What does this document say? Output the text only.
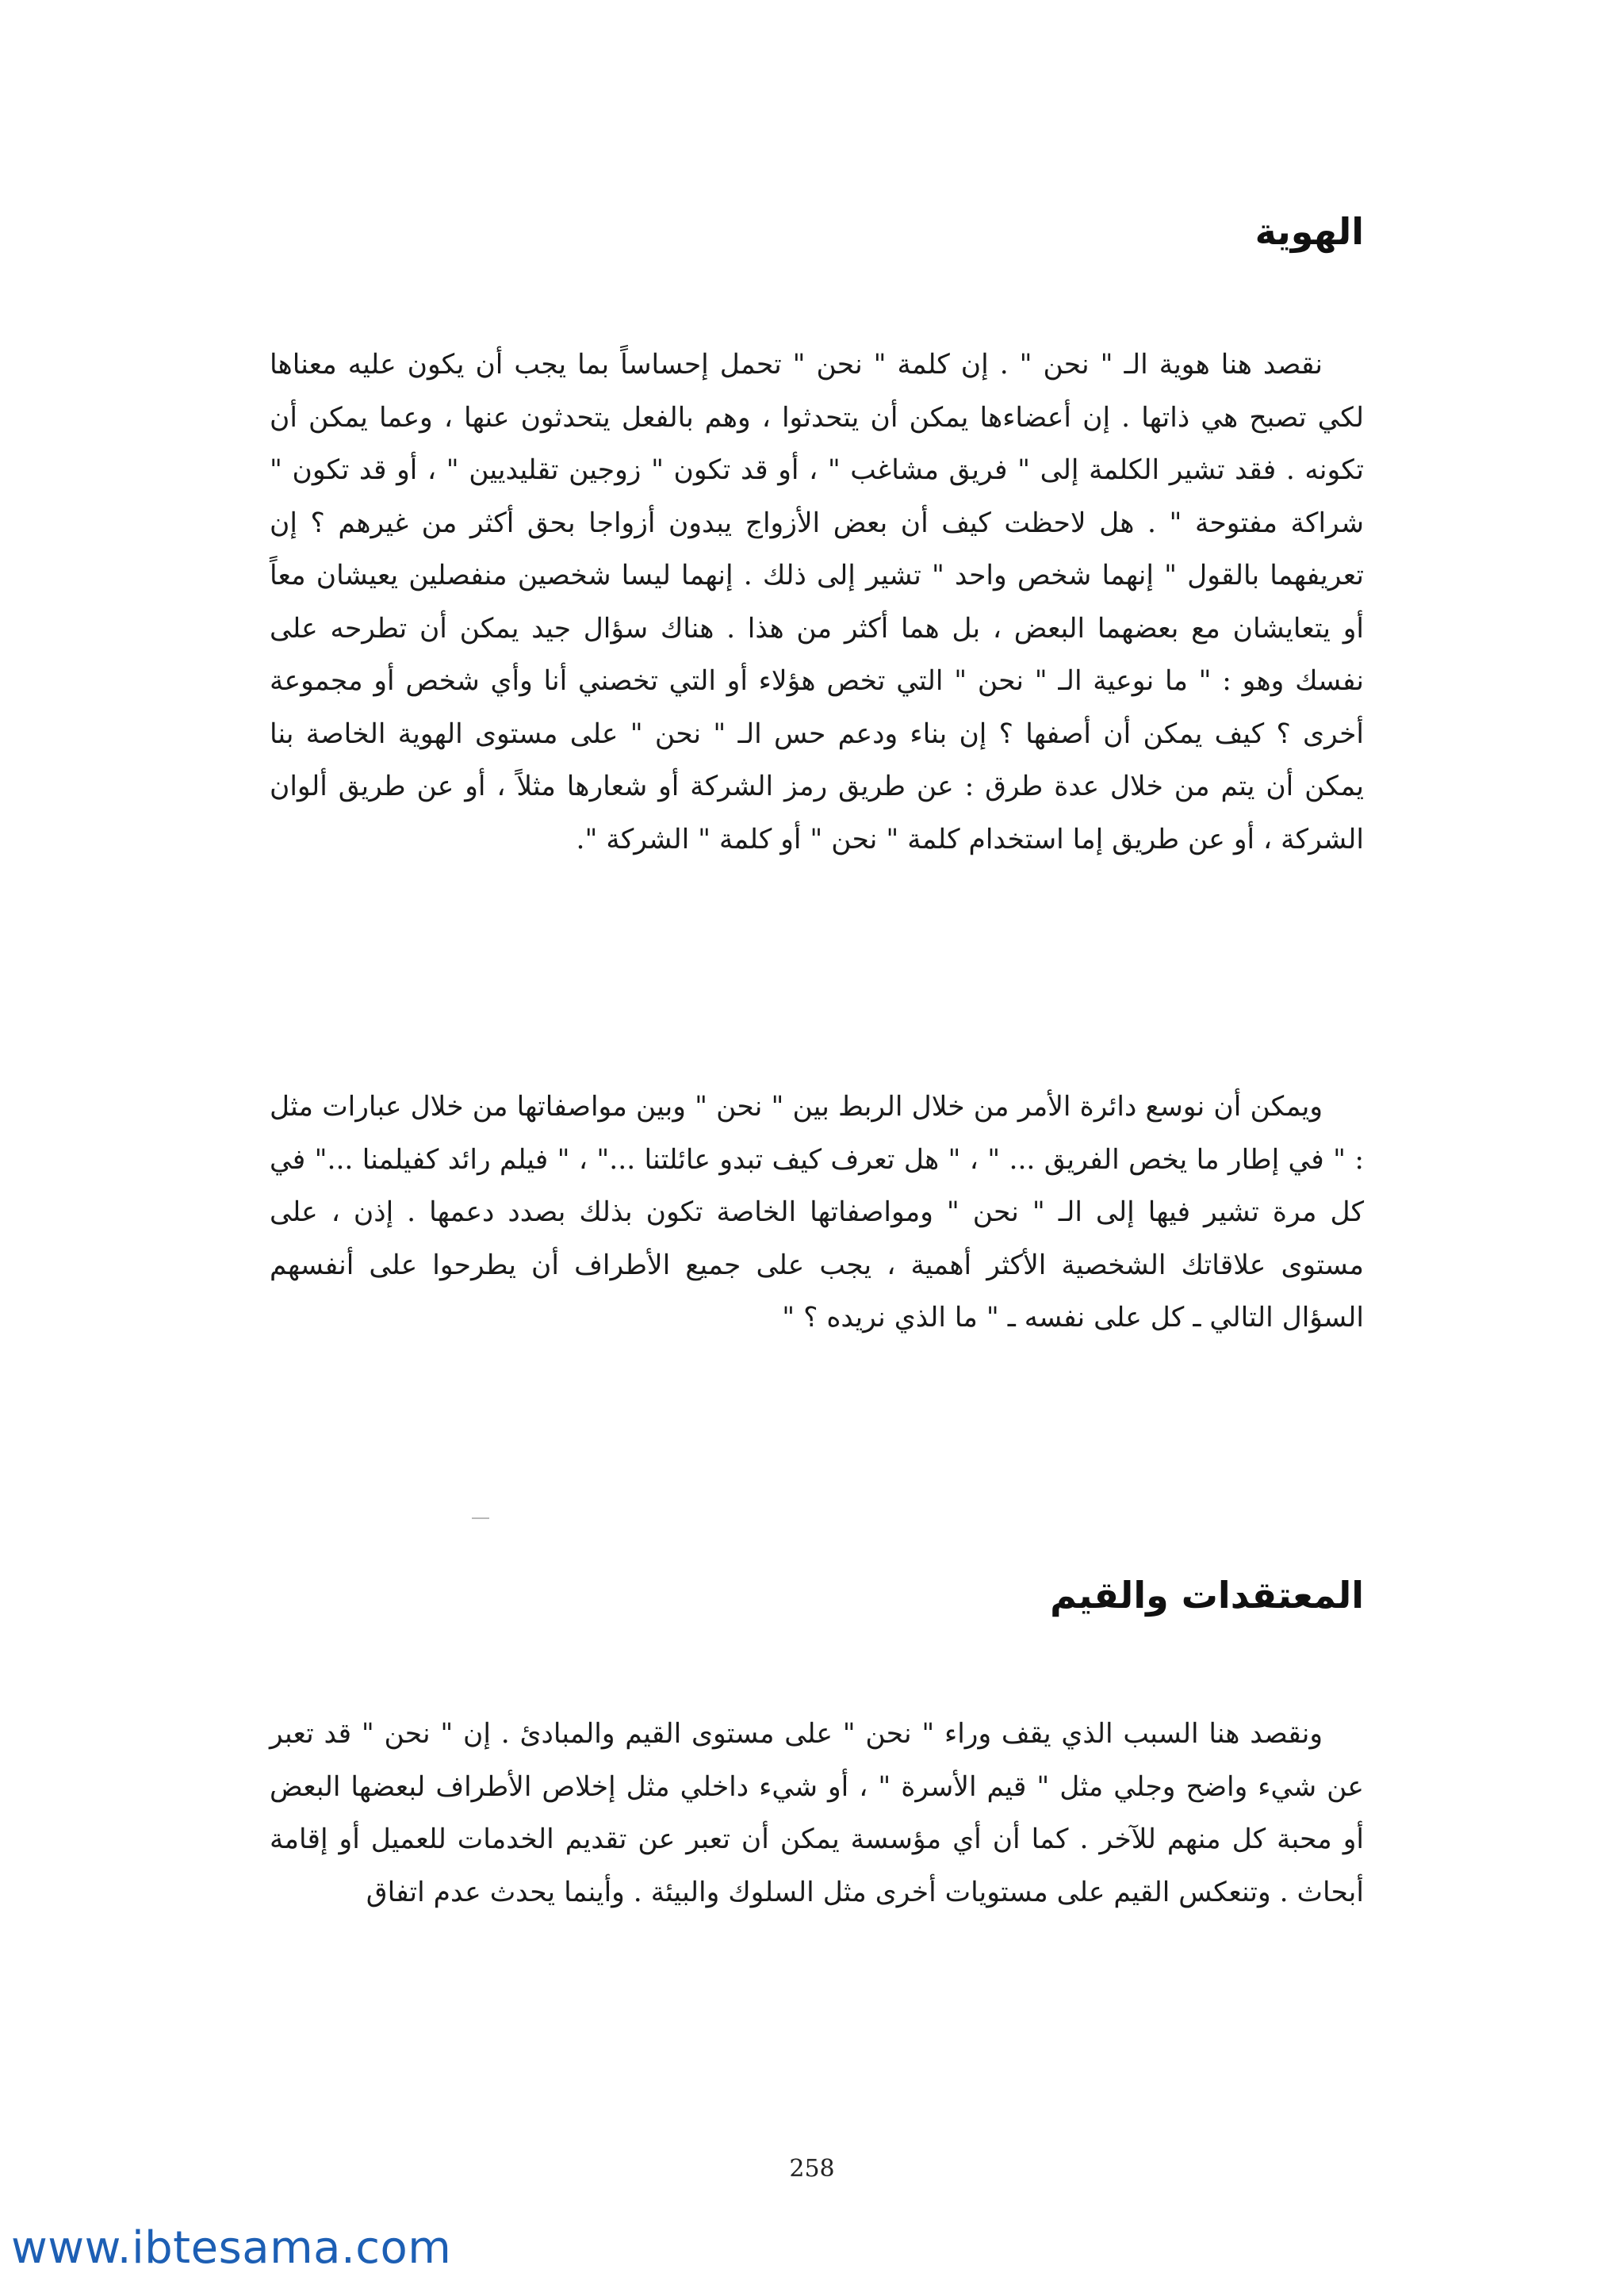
الهوية

نقصد هنا هوية الـ " نحن " . إن كلمة " نحن " تحمل إحساساً بما يجب أن يكون عليه معناها لكي تصبح هي ذاتها . إن أعضاءها يمكن أن يتحدثوا ، وهم بالفعل يتحدثون عنها ، وعما يمكن أن تكونه . فقد تشير الكلمة إلى " فريق مشاغب " ، أو قد تكون " زوجين تقليديين " ، أو قد تكون " شراكة مفتوحة " . هل لاحظت كيف أن بعض الأزواج يبدون أزواجا بحق أكثر من غيرهم ؟ إن تعريفهما بالقول " إنهما شخص واحد " تشير إلى ذلك . إنهما ليسا شخصين منفصلين يعيشان معاً أو يتعايشان مع بعضهما البعض ، بل هما أكثر من هذا . هناك سؤال جيد يمكن أن تطرحه على نفسك وهو : " ما نوعية الـ " نحن " التي تخص هؤلاء أو التي تخصني أنا وأي شخص أو مجموعة أخرى ؟ كيف يمكن أن أصفها ؟ إن بناء ودعم حس الـ " نحن " على مستوى الهوية الخاصة بنا يمكن أن يتم من خلال عدة طرق : عن طريق رمز الشركة أو شعارها مثلاً ، أو عن طريق ألوان الشركة ، أو عن طريق إما استخدام كلمة " نحن " أو كلمة " الشركة ".

ويمكن أن نوسع دائرة الأمر من خلال الربط بين " نحن " وبين مواصفاتها من خلال عبارات مثل : " في إطار ما يخص الفريق ... " ، " هل تعرف كيف تبدو عائلتنا ..." ، " فيلم رائد كفيلمنا ..." في كل مرة تشير فيها إلى الـ " نحن " ومواصفاتها الخاصة تكون بذلك بصدد دعمها . إذن ، على مستوى علاقاتك الشخصية الأكثر أهمية ، يجب على جميع الأطراف أن يطرحوا على أنفسهم السؤال التالي ـ كل على نفسه ـ " ما الذي نريده ؟ "

المعتقدات والقيم

ونقصد هنا السبب الذي يقف وراء " نحن " على مستوى القيم والمبادئ . إن " نحن " قد تعبر عن شيء واضح وجلي مثل " قيم الأسرة " ، أو شيء داخلي مثل إخلاص الأطراف لبعضها البعض أو محبة كل منهم للآخر . كما أن أي مؤسسة يمكن أن تعبر عن تقديم الخدمات للعميل أو إقامة أبحاث . وتنعكس القيم على مستويات أخرى مثل السلوك والبيئة . وأينما يحدث عدم اتفاق

258
www.ibtesama.com
